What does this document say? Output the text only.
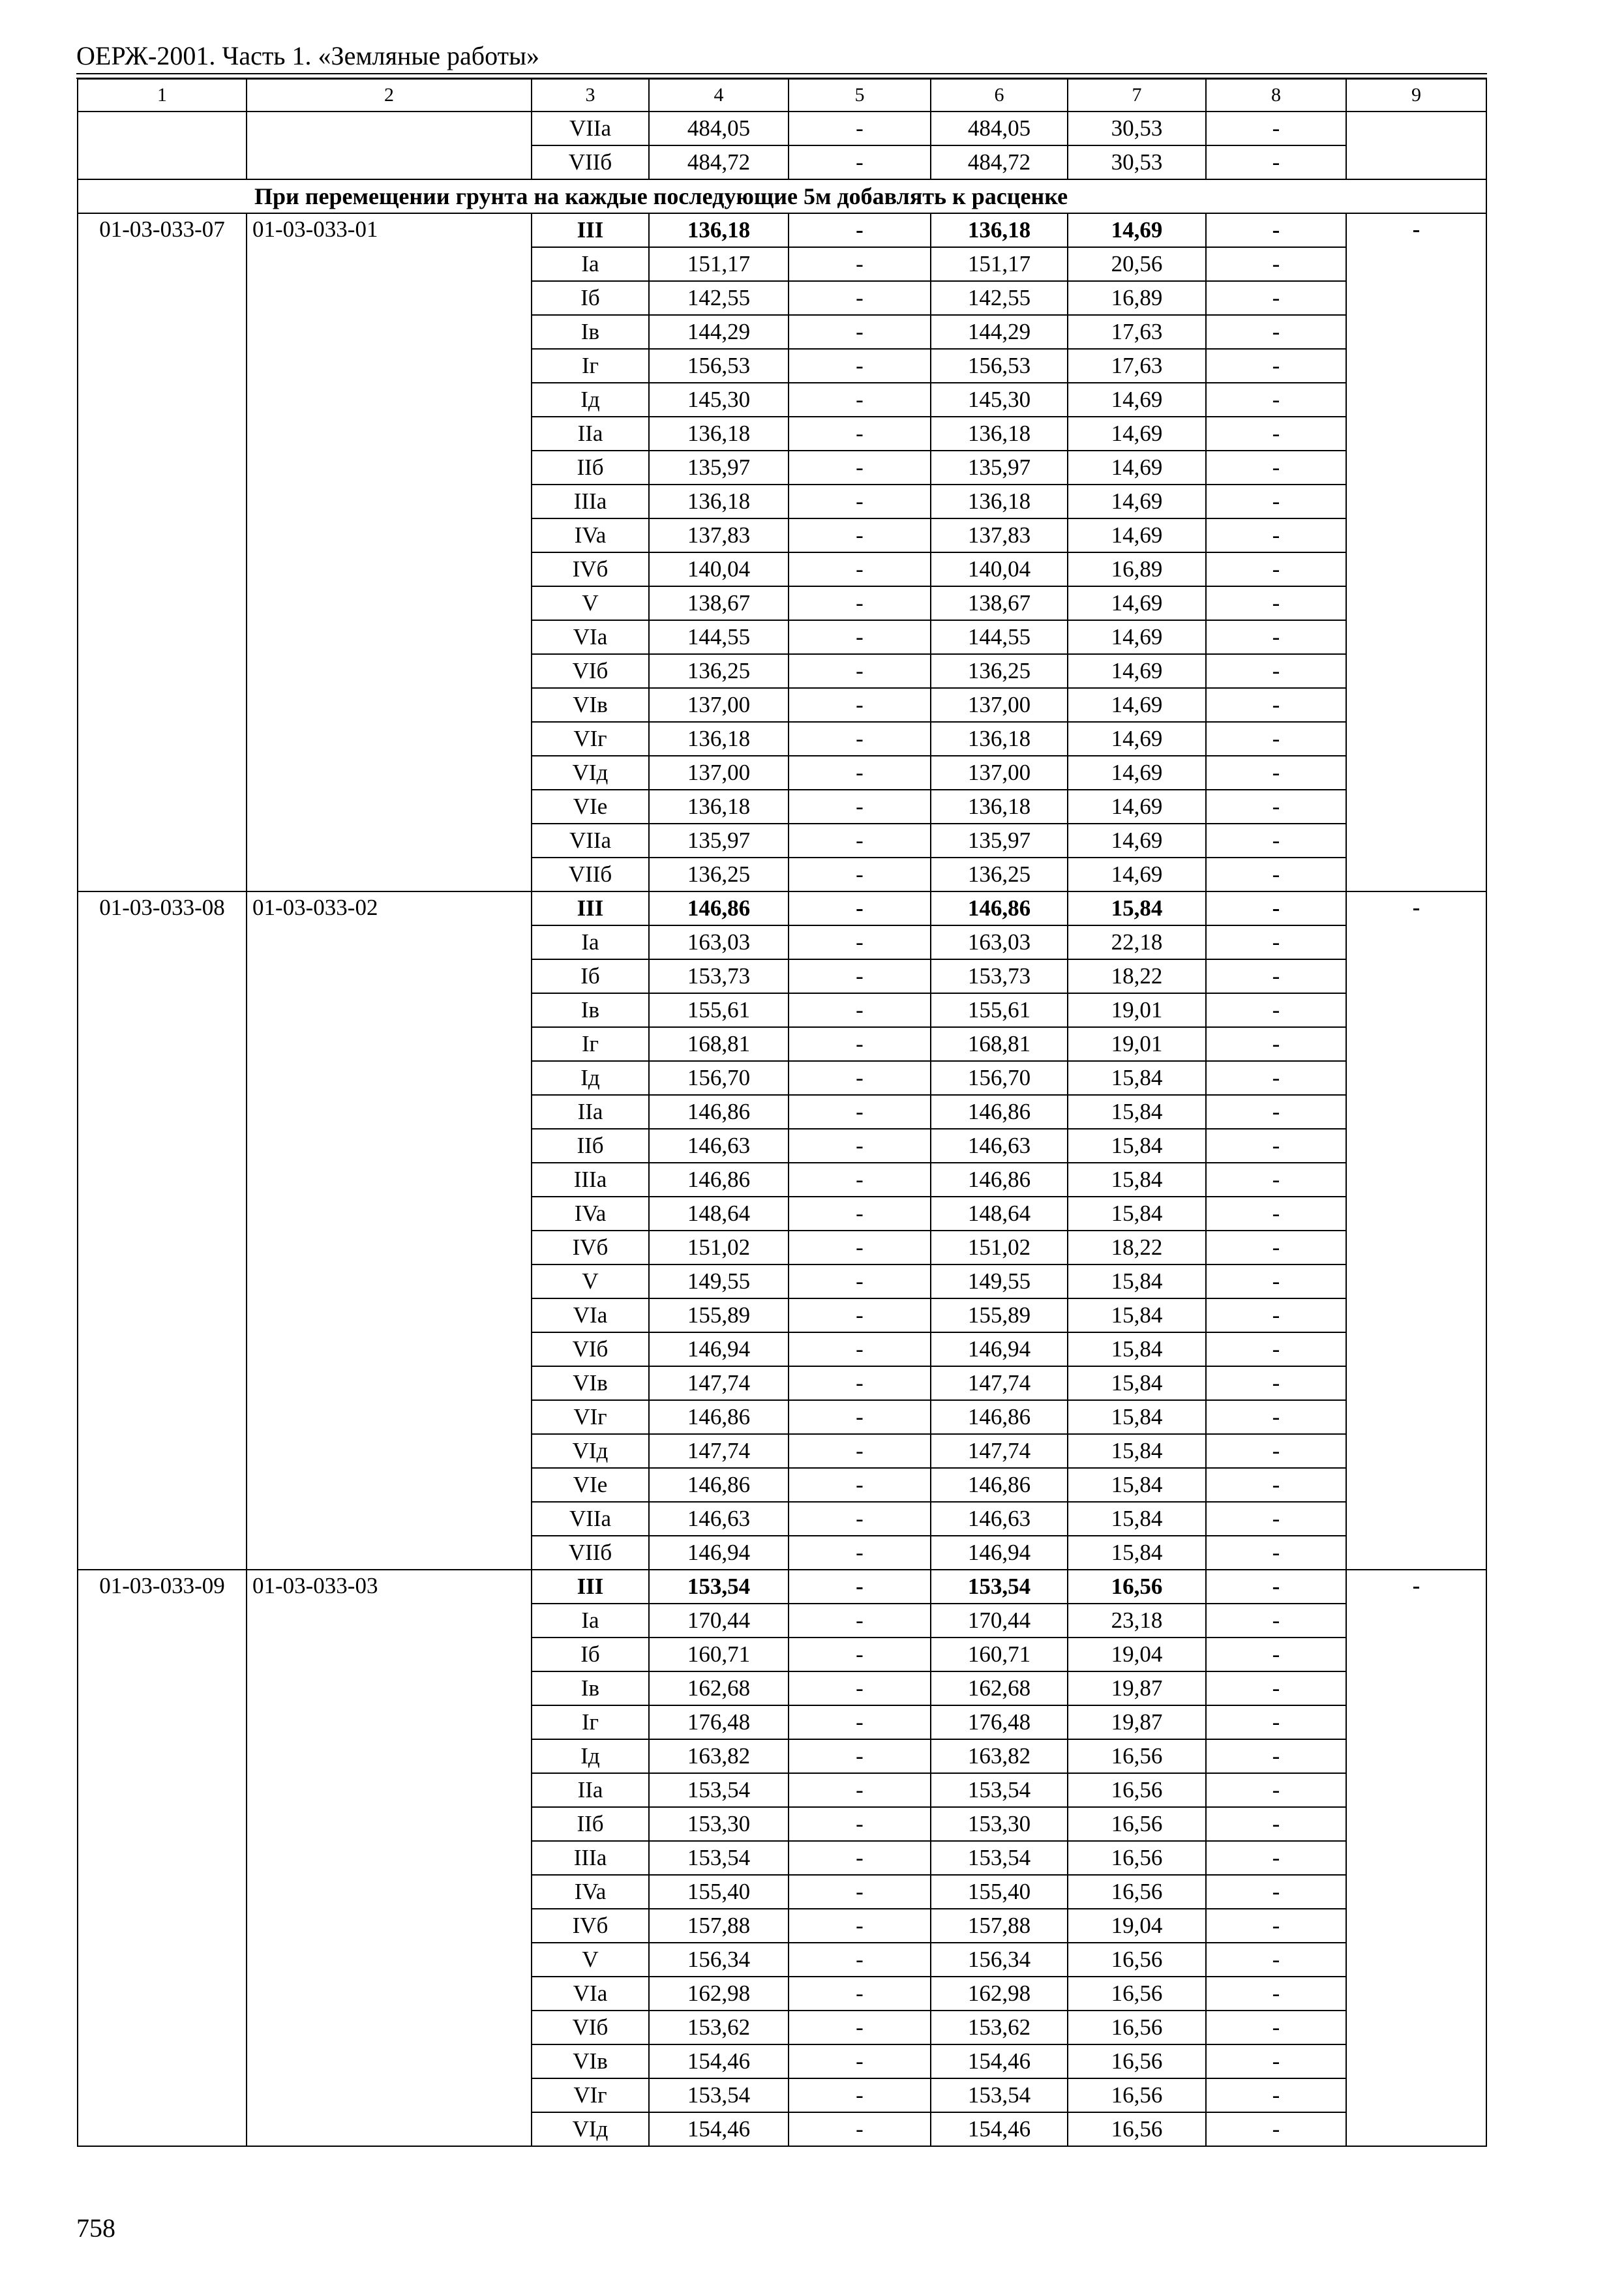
ОЕРЖ-2001. Часть 1. «Земляные работы»
1	2	3	4	5	6	7	8	9
		VIIa	484,05	-	484,05	30,53	-	
		VIIб	484,72	-	484,72	30,53	-	
При перемещении грунта на каждые последующие 5м добавлять к расценке								
01-03-033-07	01-03-033-01	III	136,18	-	136,18	14,69	-	-
		Ia	151,17	-	151,17	20,56	-	
		Iб	142,55	-	142,55	16,89	-	
		Iв	144,29	-	144,29	17,63	-	
		Iг	156,53	-	156,53	17,63	-	
		Iд	145,30	-	145,30	14,69	-	
		IIa	136,18	-	136,18	14,69	-	
		IIб	135,97	-	135,97	14,69	-	
		IIIa	136,18	-	136,18	14,69	-	
		IVa	137,83	-	137,83	14,69	-	
		IVб	140,04	-	140,04	16,89	-	
		V	138,67	-	138,67	14,69	-	
		VIa	144,55	-	144,55	14,69	-	
		VIб	136,25	-	136,25	14,69	-	
		VIв	137,00	-	137,00	14,69	-	
		VIг	136,18	-	136,18	14,69	-	
		VIд	137,00	-	137,00	14,69	-	
		VIe	136,18	-	136,18	14,69	-	
		VIIa	135,97	-	135,97	14,69	-	
		VIIб	136,25	-	136,25	14,69	-	
01-03-033-08	01-03-033-02	III	146,86	-	146,86	15,84	-	-
		Ia	163,03	-	163,03	22,18	-	
		Iб	153,73	-	153,73	18,22	-	
		Iв	155,61	-	155,61	19,01	-	
		Iг	168,81	-	168,81	19,01	-	
		Iд	156,70	-	156,70	15,84	-	
		IIa	146,86	-	146,86	15,84	-	
		IIб	146,63	-	146,63	15,84	-	
		IIIa	146,86	-	146,86	15,84	-	
		IVa	148,64	-	148,64	15,84	-	
		IVб	151,02	-	151,02	18,22	-	
		V	149,55	-	149,55	15,84	-	
		VIa	155,89	-	155,89	15,84	-	
		VIб	146,94	-	146,94	15,84	-	
		VIв	147,74	-	147,74	15,84	-	
		VIг	146,86	-	146,86	15,84	-	
		VIд	147,74	-	147,74	15,84	-	
		VIe	146,86	-	146,86	15,84	-	
		VIIa	146,63	-	146,63	15,84	-	
		VIIб	146,94	-	146,94	15,84	-	
01-03-033-09	01-03-033-03	III	153,54	-	153,54	16,56	-	-
		Ia	170,44	-	170,44	23,18	-	
		Iб	160,71	-	160,71	19,04	-	
		Iв	162,68	-	162,68	19,87	-	
		Iг	176,48	-	176,48	19,87	-	
		Iд	163,82	-	163,82	16,56	-	
		IIa	153,54	-	153,54	16,56	-	
		IIб	153,30	-	153,30	16,56	-	
		IIIa	153,54	-	153,54	16,56	-	
		IVa	155,40	-	155,40	16,56	-	
		IVб	157,88	-	157,88	19,04	-	
		V	156,34	-	156,34	16,56	-	
		VIa	162,98	-	162,98	16,56	-	
		VIб	153,62	-	153,62	16,56	-	
		VIв	154,46	-	154,46	16,56	-	
		VIг	153,54	-	153,54	16,56	-	
		VIд	154,46	-	154,46	16,56	-	
758
